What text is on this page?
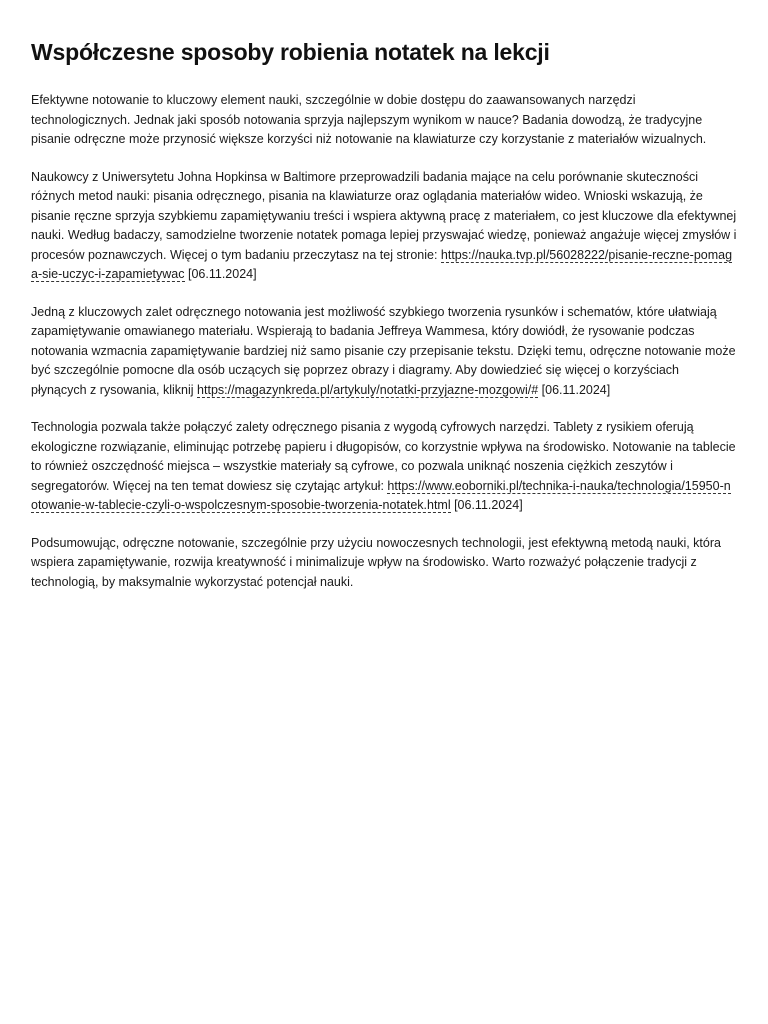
Współczesne sposoby robienia notatek na lekcji

Efektywne notowanie to kluczowy element nauki, szczególnie w dobie dostępu do zaawansowanych narzędzi technologicznych. Jednak jaki sposób notowania sprzyja najlepszym wynikom w nauce? Badania dowodzą, że tradycyjne pisanie odręczne może przynosić większe korzyści niż notowanie na klawiaturze czy korzystanie z materiałów wizualnych.

Naukowcy z Uniwersytetu Johna Hopkinsa w Baltimore przeprowadzili badania mające na celu porównanie skuteczności różnych metod nauki: pisania odręcznego, pisania na klawiaturze oraz oglądania materiałów wideo. Wnioski wskazują, że pisanie ręczne sprzyja szybkiemu zapamiętywaniu treści i wspiera aktywną pracę z materiałem, co jest kluczowe dla efektywnej nauki. Według badaczy, samodzielne tworzenie notatek pomaga lepiej przyswajać wiedzę, ponieważ angażuje więcej zmysłów i procesów poznawczych. Więcej o tym badaniu przeczytasz na tej stronie: https://nauka.tvp.pl/56028222/pisanie-reczne-pomaga-sie-uczyc-i-zapamietywac [06.11.2024]

Jedną z kluczowych zalet odręcznego notowania jest możliwość szybkiego tworzenia rysunków i schematów, które ułatwiają zapamiętywanie omawianego materiału. Wspierają to badania Jeffreya Wammesa, który dowiódł, że rysowanie podczas notowania wzmacnia zapamiętywanie bardziej niż samo pisanie czy przepisanie tekstu. Dzięki temu, odręczne notowanie może być szczególnie pomocne dla osób uczących się poprzez obrazy i diagramy. Aby dowiedzieć się więcej o korzyściach płynących z rysowania, kliknij https://magazynkreda.pl/artykuly/notatki-przyjazne-mozgowi/# [06.11.2024]

Technologia pozwala także połączyć zalety odręcznego pisania z wygodą cyfrowych narzędzi. Tablety z rysikiem oferują ekologiczne rozwiązanie, eliminując potrzebę papieru i długopisów, co korzystnie wpływa na środowisko. Notowanie na tablecie to również oszczędność miejsca – wszystkie materiały są cyfrowe, co pozwala uniknąć noszenia ciężkich zeszytów i segregatorów. Więcej na ten temat dowiesz się czytając artykuł: https://www.eoborniki.pl/technika-i-nauka/technologia/15950-notowanie-w-tablecie-czyli-o-wspolczesnym-sposobie-tworzenia-notatek.html [06.11.2024]

Podsumowując, odręczne notowanie, szczególnie przy użyciu nowoczesnych technologii, jest efektywną metodą nauki, która wspiera zapamiętywanie, rozwija kreatywność i minimalizuje wpływ na środowisko. Warto rozważyć połączenie tradycji z technologią, by maksymalnie wykorzystać potencjał nauki.
